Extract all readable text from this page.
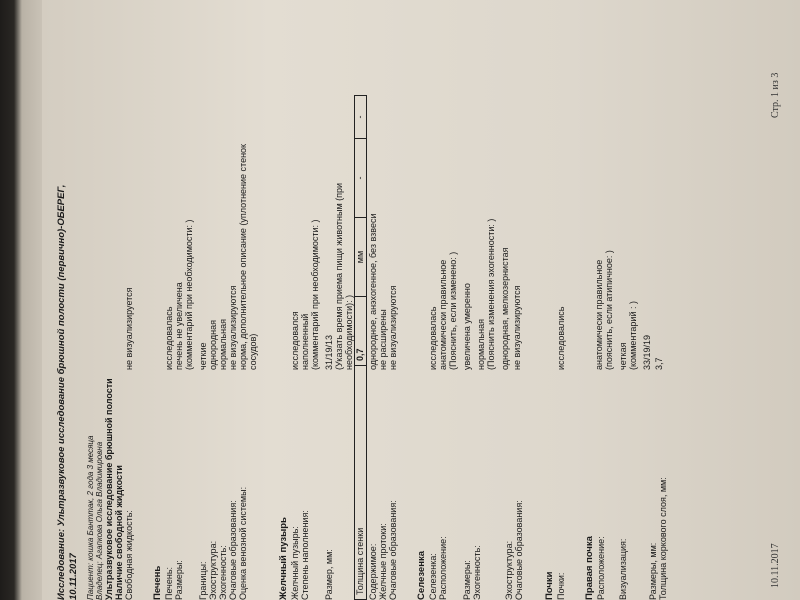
Стр. 1 из 3
10.11.2017
Исследование: Ультразвуковое исследование брюшной полости (первично)-ОБЕРЕГ, 10.11.2017 Пациент: кошка Банттак, 2 года 3 месяца Владелец: Агапкова Ольга Владимировна Ультразвуковое исследование брюшной полости Наличие свободной жидкости Свободная жидкость:
не визуализируется
Печень Печень:
исследовалась
Размеры:
печень не увеличена (комментарий при необходимости: )
Границы:
четкие
Эхоструктура:
однородная
Эхогенность:
нормальная
Очаговые образования:
не визуализируются
Оценка венозной системы:
норма, дополнительное описание (уплотнение стенок сосудов)
Желчный пузырь Желчный пузырь:
исследовался
Степень наполнения:
наполненный (комментарий при необходимости: )
Размер, мм:
31/19/13 (Указать время приема пищи животным (при необходимости): )
Толщина стенки	0,7	мм	-	-
Содержимое:
однородное, анэхогенное, без взвеси
Желчные протоки:
не расширены
Очаговые образования:
не визуализируются
Селезенка Селезенка:
исследовалась
Расположение:
анатомически правильное (Пояснить, если изменено: )
Размеры:
увеличена умеренно
Эхогенность:
нормальная (Пояснить изменения эхогенности: )
Эхоструктура:
однородная, мелкозернистая
Очаговые образования:
не визуализируются
Почки Почки:
исследовались
Правая почка Расположение:
анатомически правильное (пояснить, если атипичное: )
Визуализация:
четкая (комментарий : )
Размеры, мм:
33/19/19
Толщина коркового слоя, мм:
3,7
